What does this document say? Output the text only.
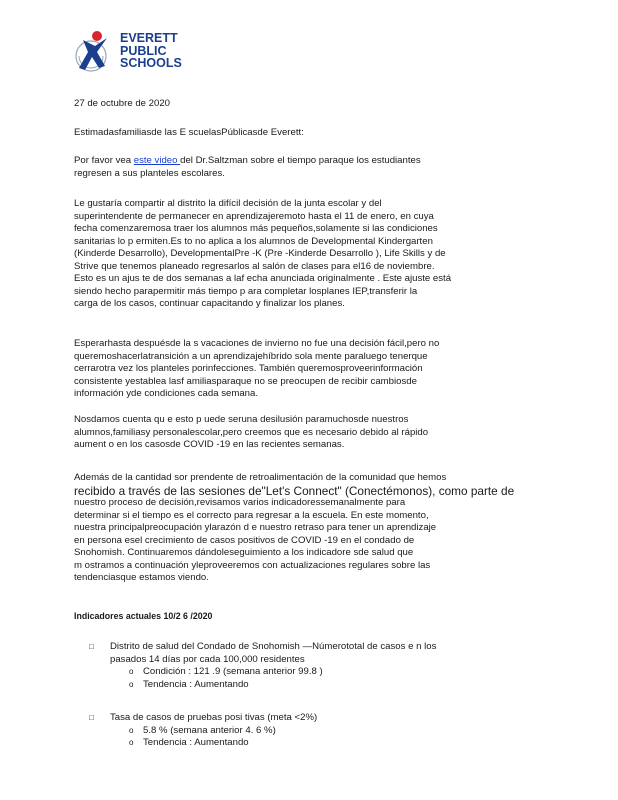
EVERETT
PUBLIC
SCHOOLS
27 de octubre de 2020
Estimadasfamiliasde las E scuelasPúblicasde Everett:
Por favor vea este video del Dr.Saltzman sobre el tiempo paraque los estudiantes
regresen a sus planteles escolares.
Le gustaría compartir al distrito la difícil decisión de la junta escolar y del
superintendente de permanecer en aprendizajeremoto hasta el 11 de enero, en cuya
fecha comenzaremosa traer los alumnos más pequeños,solamente si las condiciones
sanitarias lo p ermiten.Es to no aplica a los alumnos de Developmental Kindergarten
(Kinderde Desarrollo), DevelopmentalPre -K (Pre -Kinderde Desarrollo ), Life Skills y de
Strive que tenemos planeado regresarlos al salón de clases para el16 de noviembre.
Esto es un ajus te de dos semanas a laf echa anunciada originalmente . Este ajuste está
siendo hecho parapermitir más tiempo p ara completar losplanes IEP,transferir la
carga de los casos, continuar capacitando y finalizar los planes.
Esperarhasta despuésde la s vacaciones de invierno no fue una decisión fácil,pero no
queremoshacerlatransición a un aprendizajehíbrido sola mente paraluego tenerque
cerrarotra vez los planteles porinfecciones. También queremosproveerinformación
consistente yestablea lasf amiliasparaque no se preocupen de recibir cambiosde
información yde condiciones cada semana.
Nosdamos cuenta qu e esto p uede seruna desilusión paramuchosde nuestros
alumnos,familiasy personalescolar,pero creemos que es necesario debido al rápido
aument o en los casosde COVID -19 en las recientes semanas.
Además de la cantidad sor prendente de retroalimentación de la comunidad que hemos
recibido a través de las sesiones de"Let's Connect" (Conectémonos), como parte de
nuestro proceso de decisión,revisamos varios indicadoressemanalmente para
determinar si el tiempo es el correcto para regresar a la escuela. En este momento,
nuestra principalpreocupación ylarazón d e nuestro retraso para tener un aprendizaje
en persona esel crecimiento de casos positivos de COVID -19 en el condado de
Snohomish. Continuaremos dándoleseguimiento a los indicadore sde salud que
m ostramos a continuación yleproveeremos con actualizaciones regulares sobre las
tendenciasque estamos viendo.
Indicadores actuales 10/2 6 /2020
□ Distrito de salud del Condado de Snohomish —Númerototal de casos e n los
pasados 14 días por cada 100,000 residentes
o Condición : 121 .9 (semana anterior 99.8 )
o Tendencia : Aumentando
□ Tasa de casos de pruebas posi tivas (meta <2%)
o 5.8 % (semana anterior 4. 6 %)
o Tendencia : Aumentando
